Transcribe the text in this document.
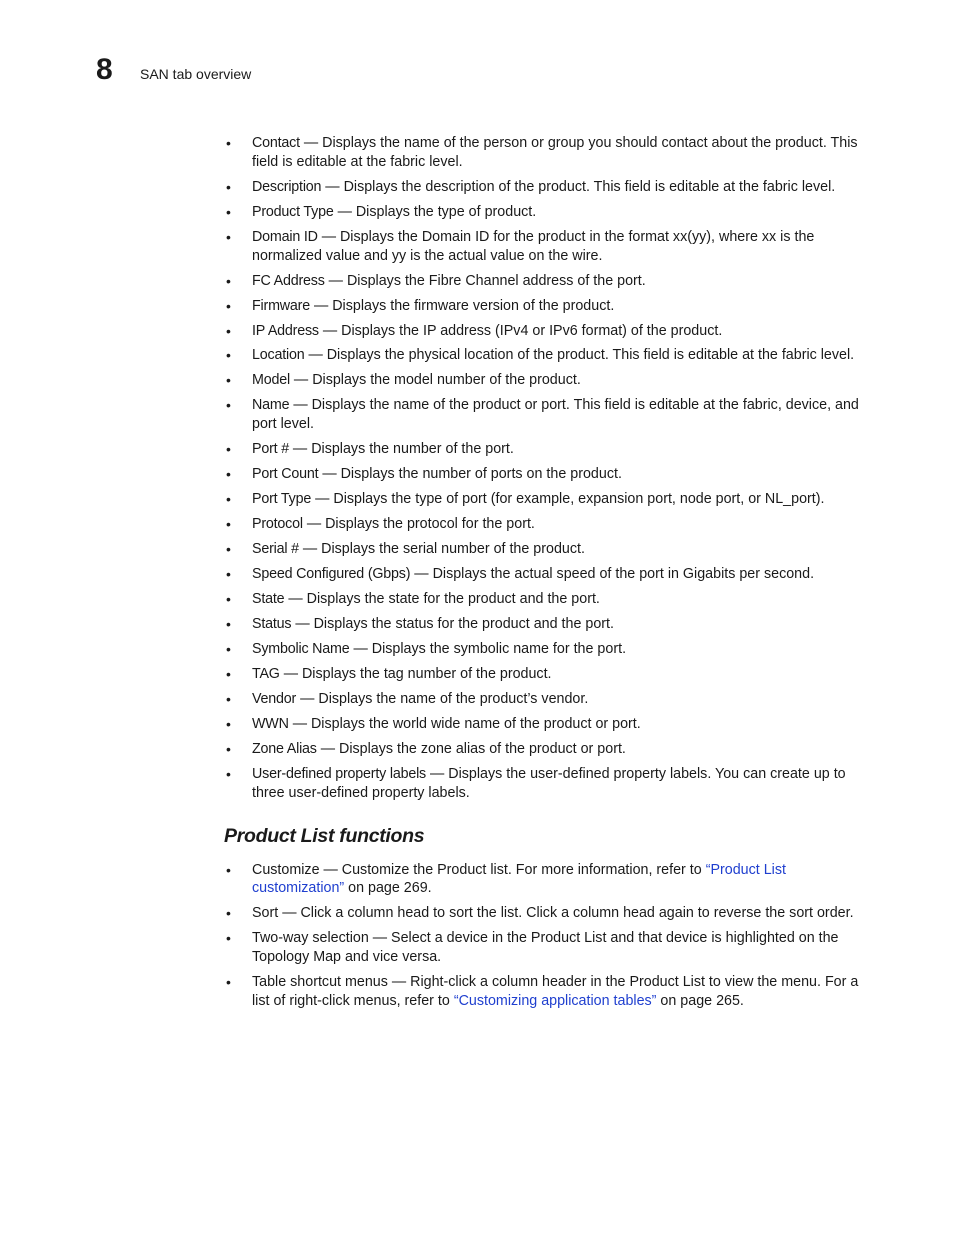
8 SAN tab overview
• Contact — Displays the name of the person or group you should contact about the product. This field is editable at the fabric level.
• Description — Displays the description of the product. This field is editable at the fabric level.
• Product Type — Displays the type of product.
• Domain ID — Displays the Domain ID for the product in the format xx(yy), where xx is the normalized value and yy is the actual value on the wire.
• FC Address — Displays the Fibre Channel address of the port.
• Firmware — Displays the firmware version of the product.
• IP Address — Displays the IP address (IPv4 or IPv6 format) of the product.
• Location — Displays the physical location of the product. This field is editable at the fabric level.
• Model — Displays the model number of the product.
• Name — Displays the name of the product or port. This field is editable at the fabric, device, and port level.
• Port # — Displays the number of the port.
• Port Count — Displays the number of ports on the product.
• Port Type — Displays the type of port (for example, expansion port, node port, or NL_port).
• Protocol — Displays the protocol for the port.
• Serial # — Displays the serial number of the product.
• Speed Configured (Gbps) — Displays the actual speed of the port in Gigabits per second.
• State — Displays the state for the product and the port.
• Status — Displays the status for the product and the port.
• Symbolic Name — Displays the symbolic name for the port.
• TAG — Displays the tag number of the product.
• Vendor — Displays the name of the product’s vendor.
• WWN — Displays the world wide name of the product or port.
• Zone Alias — Displays the zone alias of the product or port.
• User-defined property labels — Displays the user-defined property labels. You can create up to three user-defined property labels.
Product List functions
• Customize — Customize the Product list. For more information, refer to “Product List customization” on page 269.
• Sort — Click a column head to sort the list. Click a column head again to reverse the sort order.
• Two-way selection — Select a device in the Product List and that device is highlighted on the Topology Map and vice versa.
• Table shortcut menus — Right-click a column header in the Product List to view the menu. For a list of right-click menus, refer to “Customizing application tables” on page 265.
